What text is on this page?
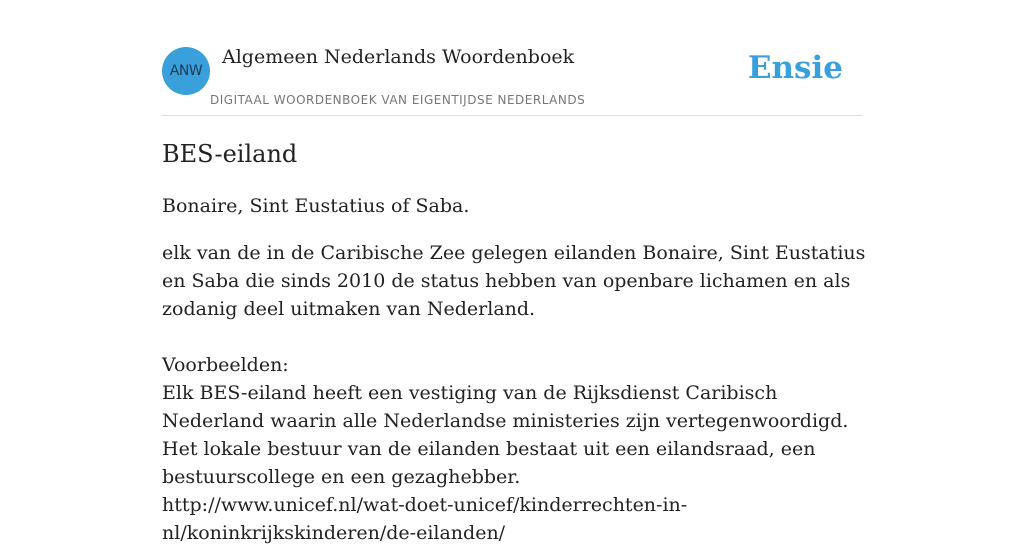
ANW
Algemeen Nederlands Woordenboek
DIGITAAL WOORDENBOEK VAN EIGENTIJDSE NEDERLANDS
Ensie
BES-eiland

Bonaire, Sint Eustatius of Saba.

elk van de in de Caribische Zee gelegen eilanden Bonaire, Sint Eustatius en Saba die sinds 2010 de status hebben van openbare lichamen en als zodanig deel uitmaken van Nederland.

Voorbeelden:

Elk BES-eiland heeft een vestiging van de Rijksdienst Caribisch Nederland waarin alle Nederlandse ministeries zijn vertegenwoordigd. Het lokale bestuur van de eilanden bestaat uit een eilandsraad, een bestuurscollege en een gezaghebber.

http://www.unicef.nl/wat-doet-unicef/kinderrechten-in-

nl/koninkrijkskinderen/de-eilanden/
